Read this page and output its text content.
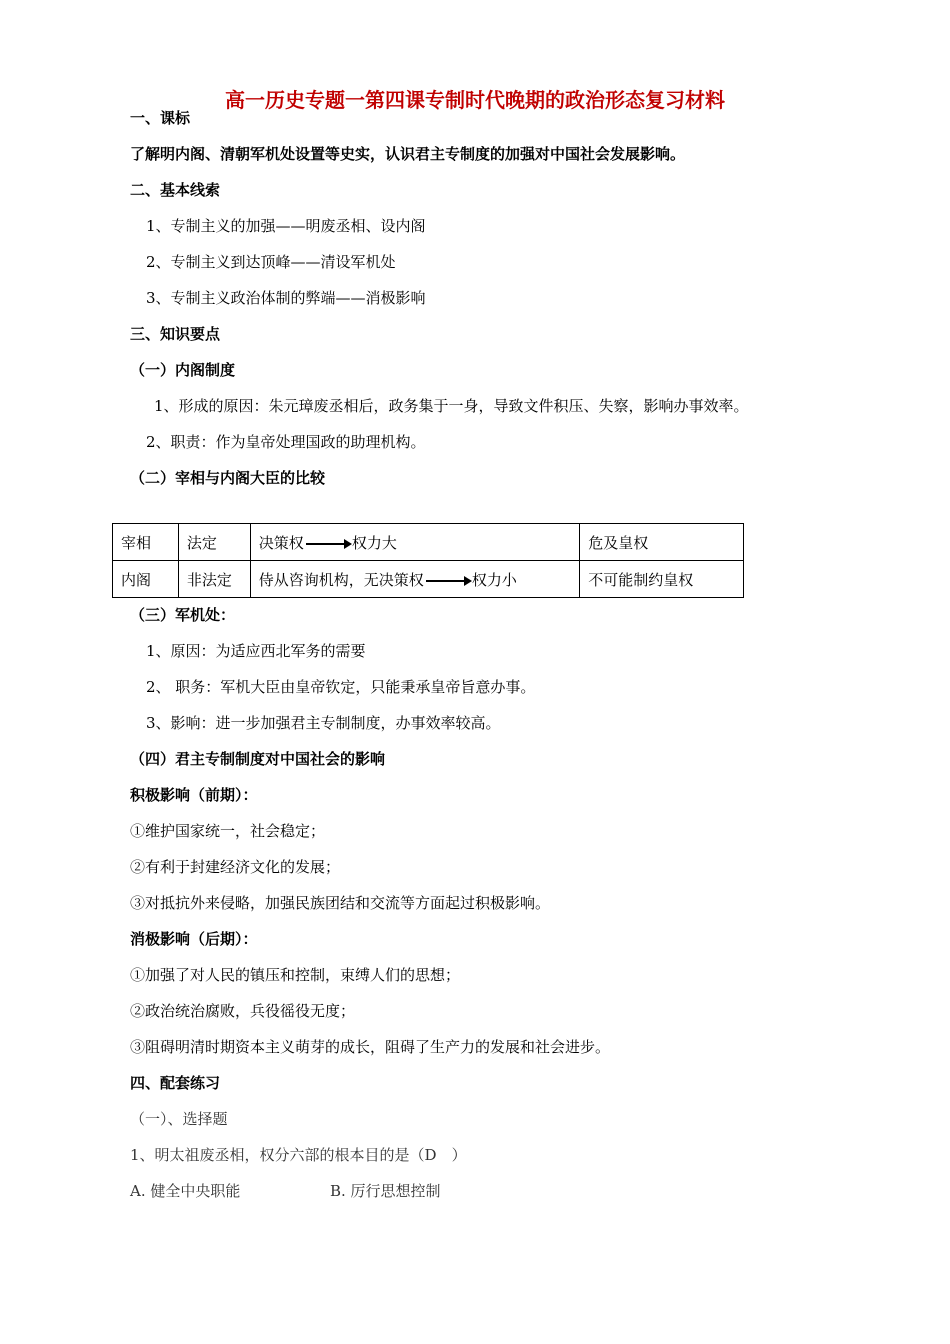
高一历史专题一第四课专制时代晚期的政治形态复习材料
一、课标
了解明内阁、清朝军机处设置等史实，认识君主专制度的加强对中国社会发展影响。
二、基本线索
1、专制主义的加强——明废丞相、设内阁
2、专制主义到达顶峰——清设军机处
3、专制主义政治体制的弊端——消极影响
三、知识要点
（一）内阁制度
1、形成的原因：朱元璋废丞相后，政务集于一身，导致文件积压、失察，影响办事效率。
2、职责：作为皇帝处理国政的助理机构。
（二）宰相与内阁大臣的比较
宰相	法定	决策权 权力大	危及皇权
内阁	非法定	侍从咨询机构，无决策权 权力小	不可能制约皇权
（三）军机处：
1、原因：为适应西北军务的需要
2、 职务：军机大臣由皇帝钦定，只能秉承皇帝旨意办事。
3、影响：进一步加强君主专制制度，办事效率较高。
（四）君主专制制度对中国社会的影响
积极影响（前期）：
①维护国家统一，社会稳定；
②有利于封建经济文化的发展；
③对抵抗外来侵略，加强民族团结和交流等方面起过积极影响。
消极影响（后期）：
①加强了对人民的镇压和控制，束缚人们的思想；
②政治统治腐败，兵役徭役无度；
③阻碍明清时期资本主义萌芽的成长，阻碍了生产力的发展和社会进步。
四、配套练习
（一）、选择题
1、明太祖废丞相，权分六部的根本目的是（D　）
A. 健全中央职能	B. 厉行思想控制
